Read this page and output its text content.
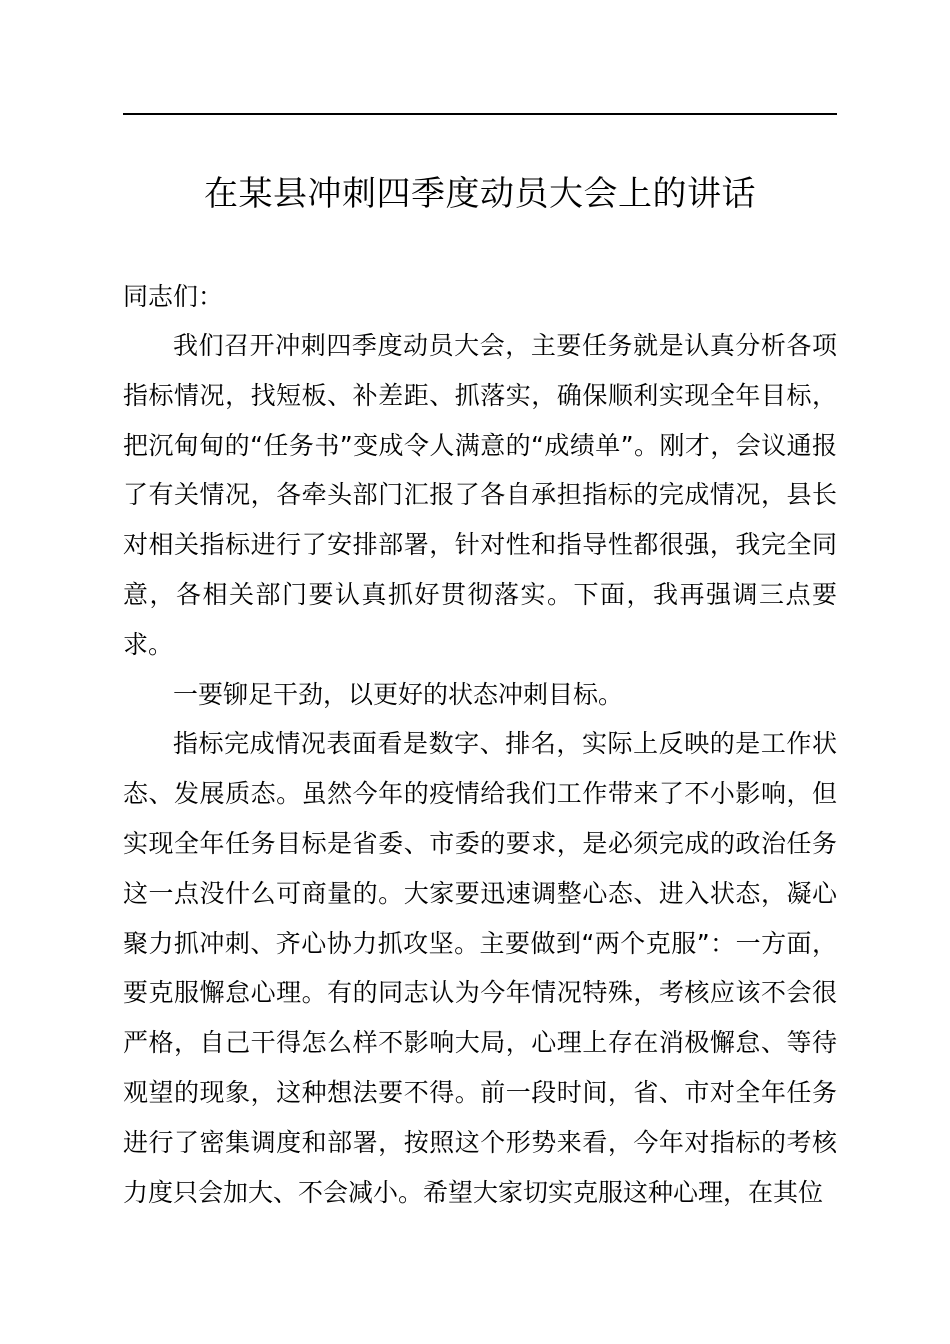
在某县冲刺四季度动员大会上的讲话
同志们：

我们召开冲刺四季度动员大会，主要任务就是认真分析各项指标情况，找短板、补差距、抓落实，确保顺利实现全年目标，把沉甸甸的“任务书”变成令人满意的“成绩单”。刚才，会议通报了有关情况，各牵头部门汇报了各自承担指标的完成情况，县长对相关指标进行了安排部署，针对性和指导性都很强，我完全同意，各相关部门要认真抓好贯彻落实。下面，我再强调三点要求。

一要铆足干劲，以更好的状态冲刺目标。

指标完成情况表面看是数字、排名，实际上反映的是工作状态、发展质态。虽然今年的疫情给我们工作带来了不小影响，但实现全年任务目标是省委、市委的要求，是必须完成的政治任务这一点没什么可商量的。大家要迅速调整心态、进入状态，凝心聚力抓冲刺、齐心协力抓攻坚。主要做到“两个克服”：一方面，要克服懈怠心理。有的同志认为今年情况特殊，考核应该不会很严格，自己干得怎么样不影响大局，心理上存在消极懈怠、等待观望的现象，这种想法要不得。前一段时间，省、市对全年任务进行了密集调度和部署，按照这个形势来看，今年对指标的考核力度只会加大、不会减小。希望大家切实克服这种心理，在其位
